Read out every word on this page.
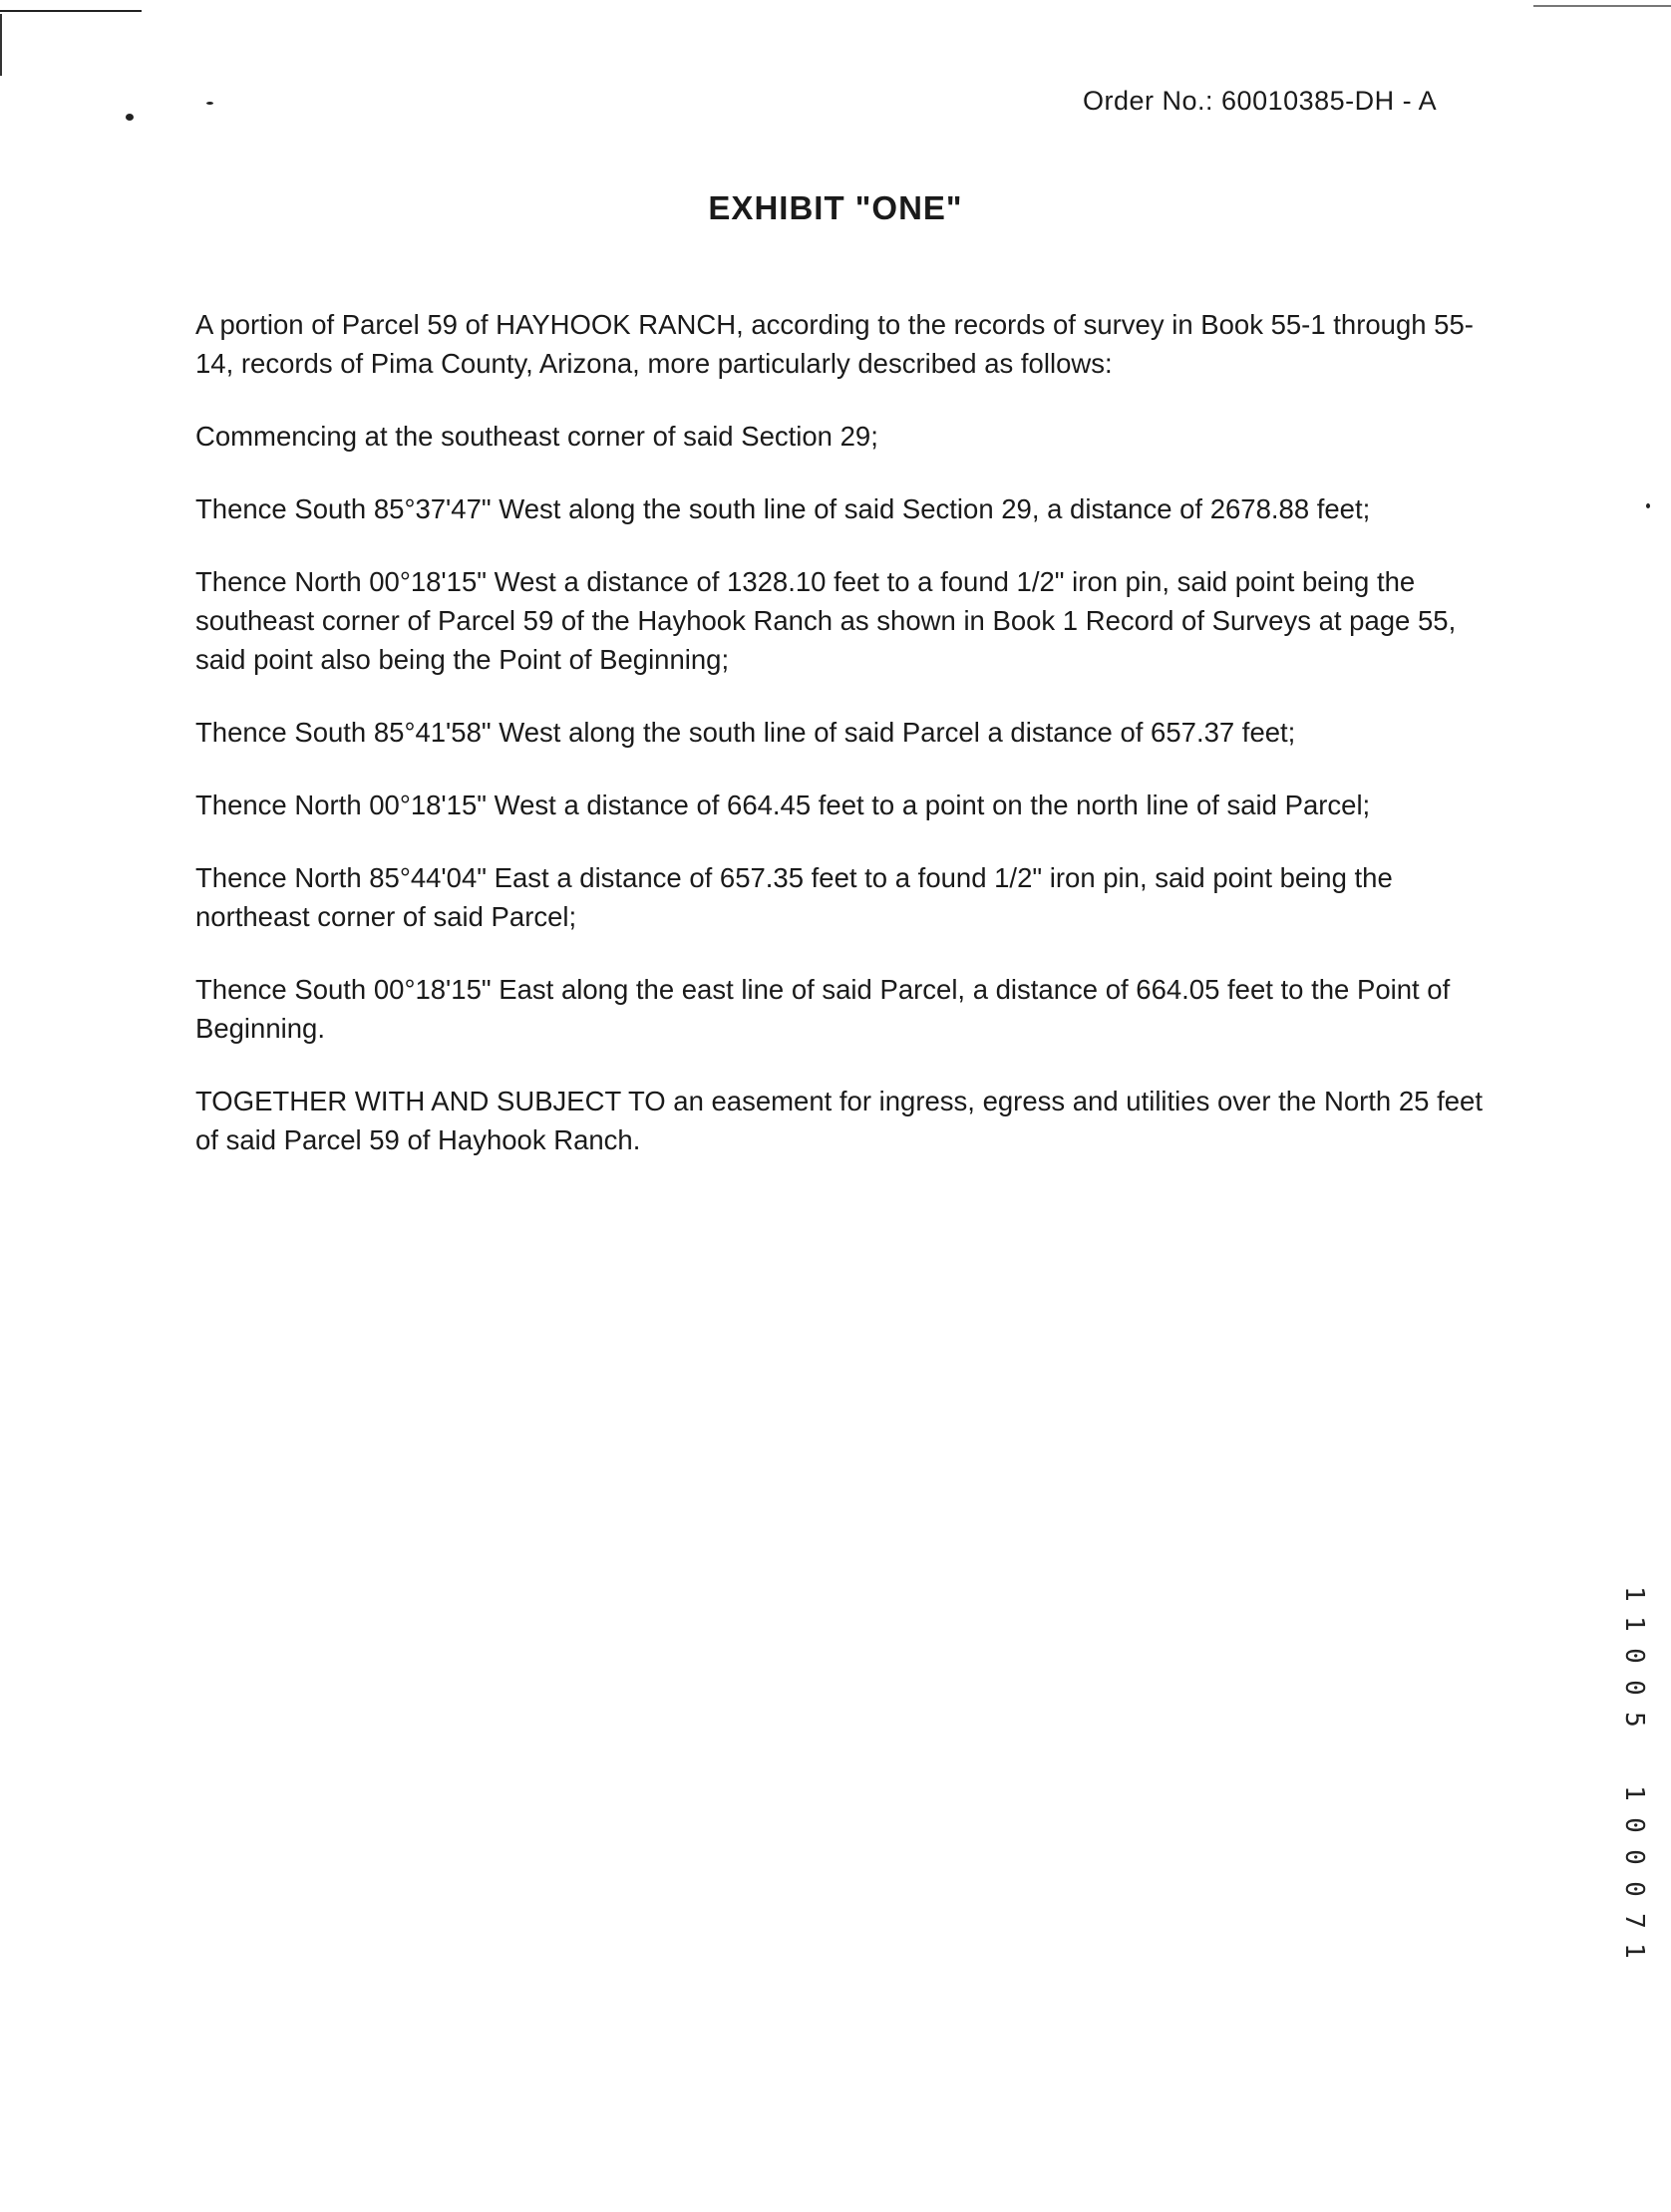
Order No.: 60010385-DH - A
EXHIBIT "ONE"

A portion of Parcel 59 of HAYHOOK RANCH, according to the records of survey in Book 55-1 through 55-14, records of Pima County, Arizona, more particularly described as follows:

Commencing at the southeast corner of said Section 29;

Thence South 85°37'47" West along the south line of said Section 29, a distance of 2678.88 feet;

Thence North 00°18'15" West a distance of 1328.10 feet to a found 1/2" iron pin, said point being the southeast corner of Parcel 59 of the Hayhook Ranch as shown in Book 1 Record of Surveys at page 55, said point also being the Point of Beginning;

Thence South 85°41'58" West along the south line of said Parcel a distance of 657.37 feet;

Thence North 00°18'15" West a distance of 664.45 feet to a point on the north line of said Parcel;

Thence North 85°44'04" East a distance of 657.35 feet to a found 1/2" iron pin, said point being the northeast corner of said Parcel;

Thence South 00°18'15" East along the east line of said Parcel, a distance of 664.05 feet to the Point of Beginning.

TOGETHER WITH AND SUBJECT TO an easement for ingress, egress and utilities over the North 25 feet of said Parcel 59 of Hayhook Ranch.

1
1
0
0
5
1
0
0
0
7
1
